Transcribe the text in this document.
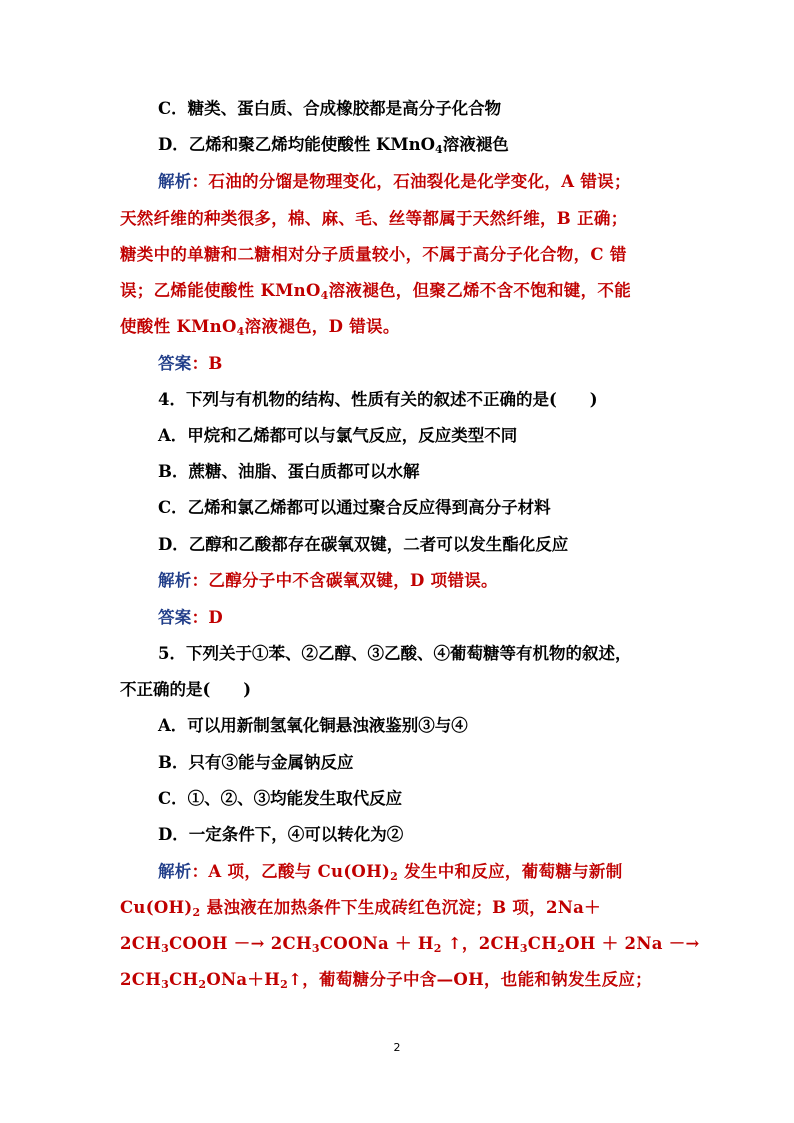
C．糖类、蛋白质、合成橡胶都是高分子化合物
D．乙烯和聚乙烯均能使酸性 KMnO$_4$溶液褪色
解析：石油的分馏是物理变化，石油裂化是化学变化，A 错误；
天然纤维的种类很多，棉、麻、毛、丝等都属于天然纤维，B 正确；
糖类中的单糖和二糖相对分子质量较小，不属于高分子化合物，C 错
误；乙烯能使酸性 KMnO$_4$溶液褪色，但聚乙烯不含不饱和键，不能
使酸性 KMnO$_4$溶液褪色，D 错误。
答案：B
4．下列与有机物的结构、性质有关的叙述不正确的是(　　)
A．甲烷和乙烯都可以与氯气反应，反应类型不同
B．蔗糖、油脂、蛋白质都可以水解
C．乙烯和氯乙烯都可以通过聚合反应得到高分子材料
D．乙醇和乙酸都存在碳氧双键，二者可以发生酯化反应
解析：乙醇分子中不含碳氧双键，D 项错误。
答案：D
5．下列关于①苯、②乙醇、③乙酸、④葡萄糖等有机物的叙述，
不正确的是(　　)
A．可以用新制氢氧化铜悬浊液鉴别③与④
B．只有③能与金属钠反应
C．①、②、③均能发生取代反应
D．一定条件下，④可以转化为②
解析：A 项，乙酸与 $Cu(OH)_2$ 发生中和反应，葡萄糖与新制
$Cu(OH)_2$ 悬浊液在加热条件下生成砖红色沉淀；B 项，2Na＋
$2CH_3COOH$ －→ $2CH_3COONa + H_2$ ↑，$2CH_3CH_2OH + 2Na$ －→
$2CH_3CH_2ONa+H_2↑$，葡萄糖分子中含—OH，也能和钠发生反应；
2
